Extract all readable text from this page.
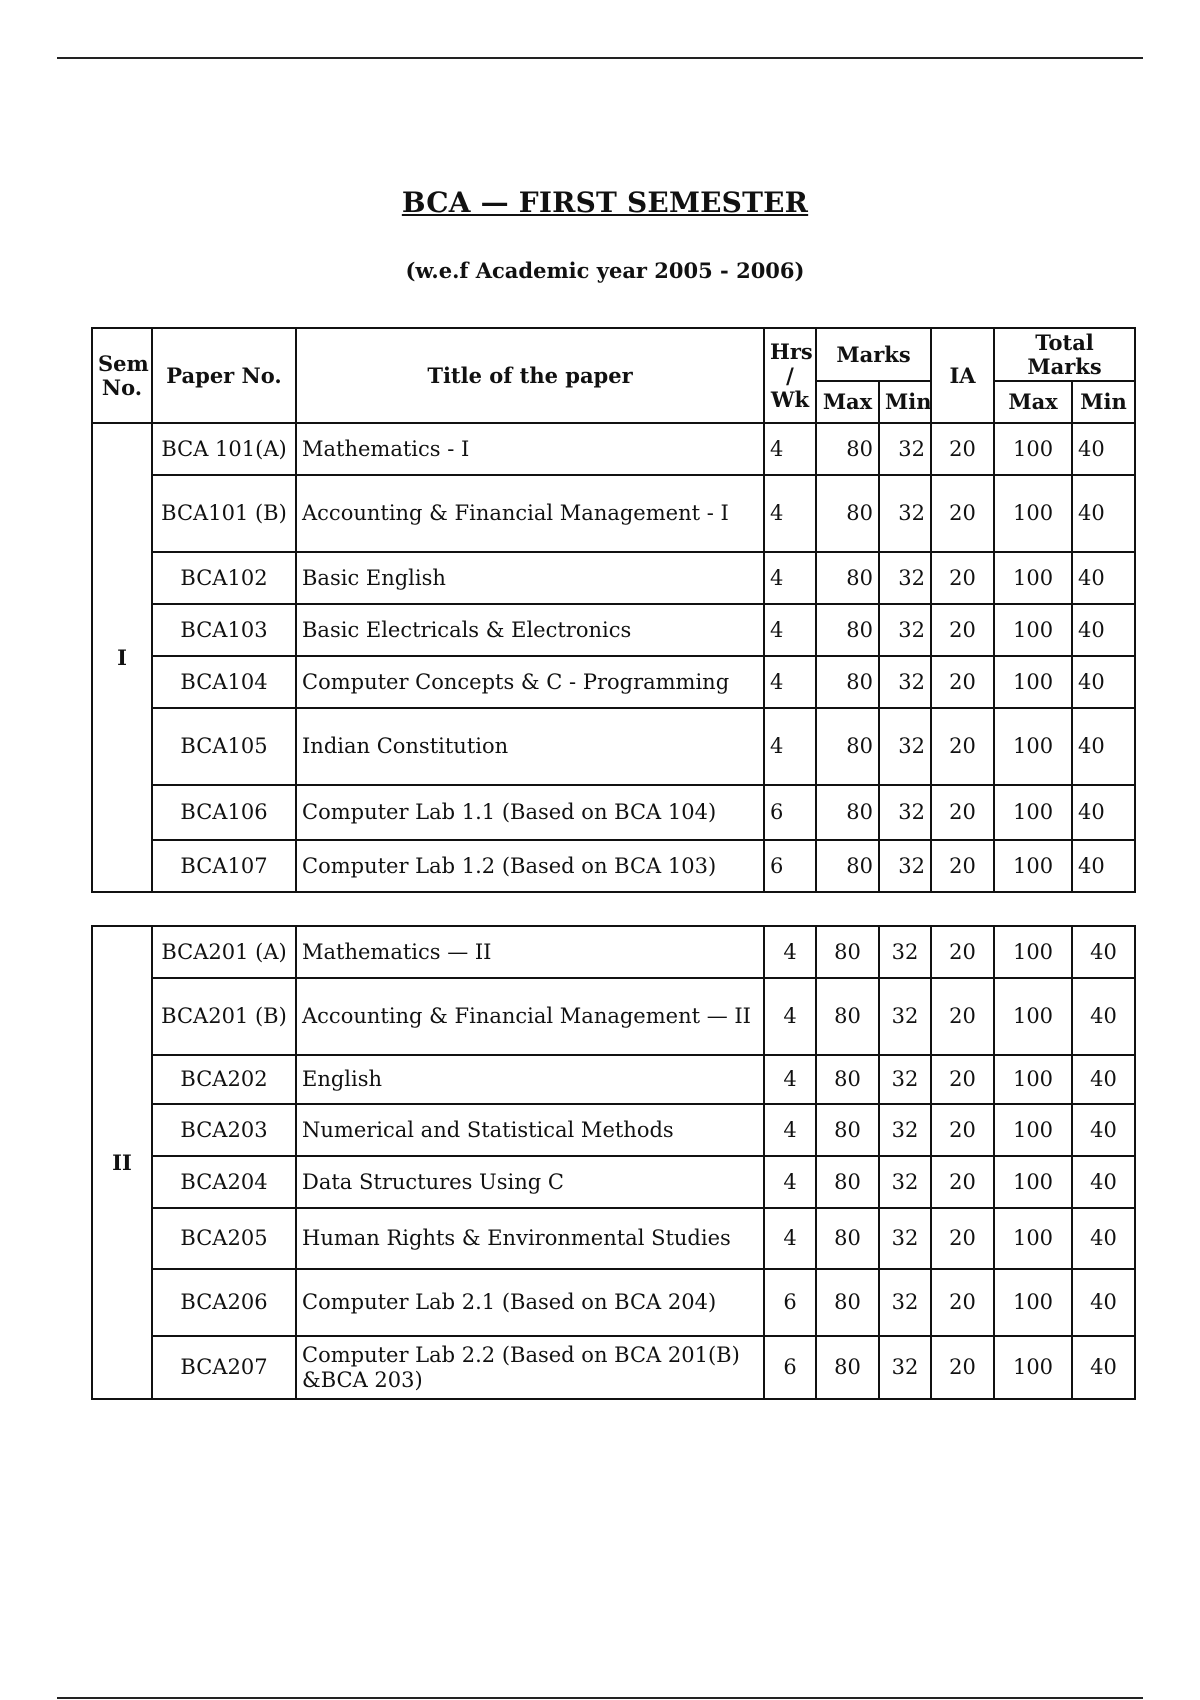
BCA — FIRST SEMESTER
(w.e.f Academic year 2005 - 2006)
Sem No.	Paper No.	Title of the paper	Hrs / Wk	Marks		IA	Total Marks	
				Max	Min		Max	Min
I	BCA 101(A)	Mathematics - I	4	80	32	20	100	40
	BCA101 (B)	Accounting & Financial Management - I	4	80	32	20	100	40
	BCA102	Basic English	4	80	32	20	100	40
	BCA103	Basic Electricals & Electronics	4	80	32	20	100	40
	BCA104	Computer Concepts & C - Programming	4	80	32	20	100	40
	BCA105	Indian Constitution	4	80	32	20	100	40
	BCA106	Computer Lab 1.1 (Based on BCA 104)	6	80	32	20	100	40
	BCA107	Computer Lab 1.2 (Based on BCA 103)	6	80	32	20	100	40
II	BCA201 (A)	Mathematics — II	4	80	32	20	100	40
	BCA201 (B)	Accounting & Financial Management — II	4	80	32	20	100	40
	BCA202	English	4	80	32	20	100	40
	BCA203	Numerical and Statistical Methods	4	80	32	20	100	40
	BCA204	Data Structures Using C	4	80	32	20	100	40
	BCA205	Human Rights & Environmental Studies	4	80	32	20	100	40
	BCA206	Computer Lab 2.1 (Based on BCA 204)	6	80	32	20	100	40
	BCA207	Computer Lab 2.2 (Based on BCA 201(B) &BCA 203)	6	80	32	20	100	40
